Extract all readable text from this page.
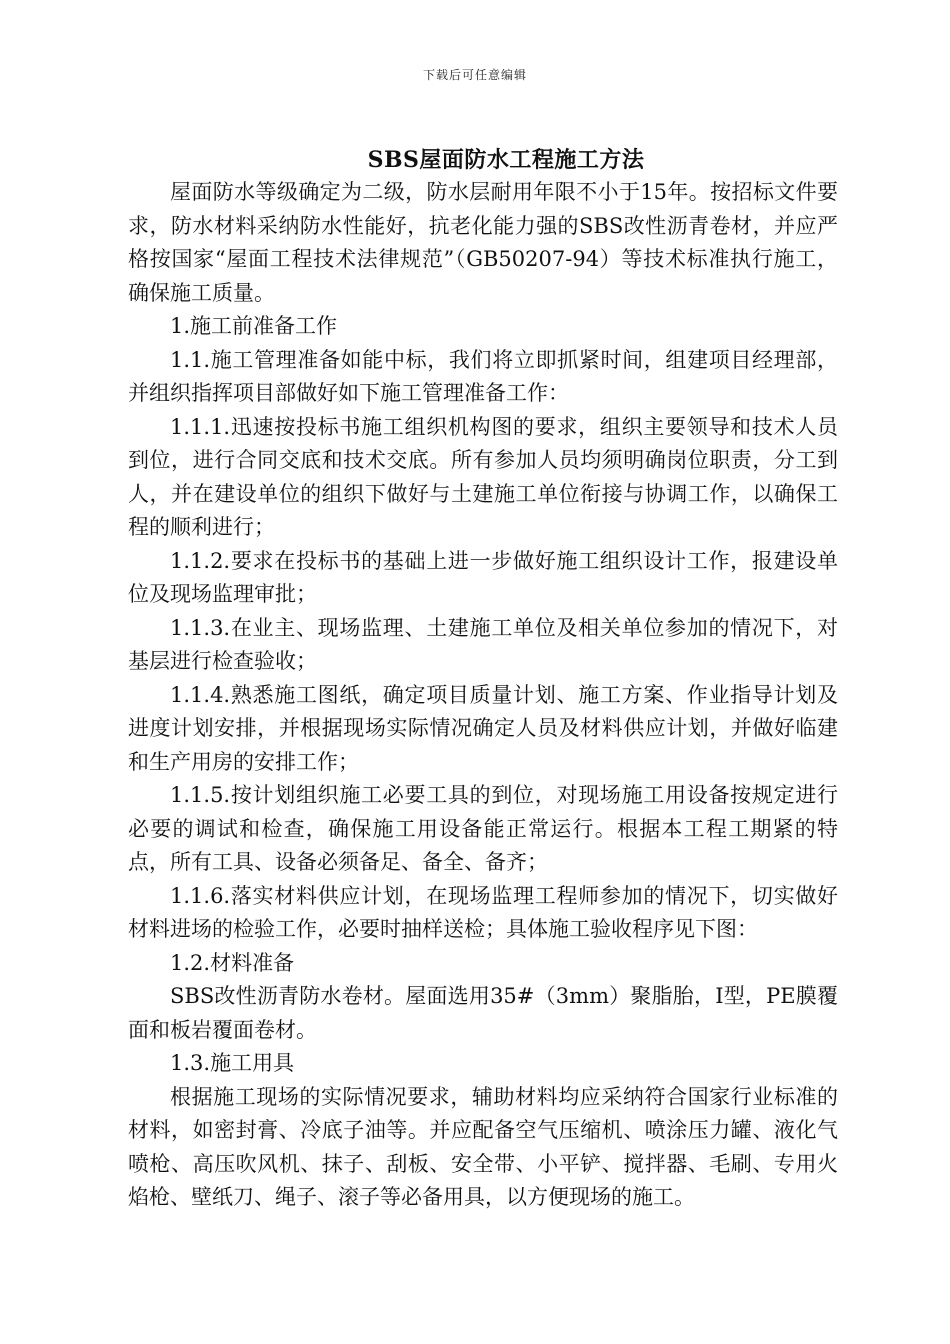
下载后可任意编辑
SBS屋面防水工程施工方法

屋面防水等级确定为二级，防水层耐用年限不小于15年。按招标文件要求，防水材料采纳防水性能好，抗老化能力强的SBS改性沥青卷材，并应严格按国家“屋面工程技术法律规范”（GB50207-94）等技术标准执行施工，确保施工质量。

1.施工前准备工作

1.1.施工管理准备如能中标，我们将立即抓紧时间，组建项目经理部，并组织指挥项目部做好如下施工管理准备工作：

1.1.1.迅速按投标书施工组织机构图的要求，组织主要领导和技术人员到位，进行合同交底和技术交底。所有参加人员均须明确岗位职责，分工到人，并在建设单位的组织下做好与土建施工单位衔接与协调工作，以确保工程的顺利进行；

1.1.2.要求在投标书的基础上进一步做好施工组织设计工作，报建设单位及现场监理审批；

1.1.3.在业主、现场监理、土建施工单位及相关单位参加的情况下，对基层进行检查验收；

1.1.4.熟悉施工图纸，确定项目质量计划、施工方案、作业指导计划及进度计划安排，并根据现场实际情况确定人员及材料供应计划，并做好临建和生产用房的安排工作；

1.1.5.按计划组织施工必要工具的到位，对现场施工用设备按规定进行必要的调试和检查，确保施工用设备能正常运行。根据本工程工期紧的特点，所有工具、设备必须备足、备全、备齐；

1.1.6.落实材料供应计划，在现场监理工程师参加的情况下，切实做好材料进场的检验工作，必要时抽样送检；具体施工验收程序见下图：

1.2.材料准备

SBS改性沥青防水卷材。屋面选用35#（3mm）聚脂胎，I型，PE膜覆面和板岩覆面卷材。

1.3.施工用具

根据施工现场的实际情况要求，辅助材料均应采纳符合国家行业标准的材料，如密封膏、冷底子油等。并应配备空气压缩机、喷涂压力罐、液化气喷枪、高压吹风机、抹子、刮板、安全带、小平铲、搅拌器、毛刷、专用火焰枪、壁纸刀、绳子、滚子等必备用具，以方便现场的施工。
